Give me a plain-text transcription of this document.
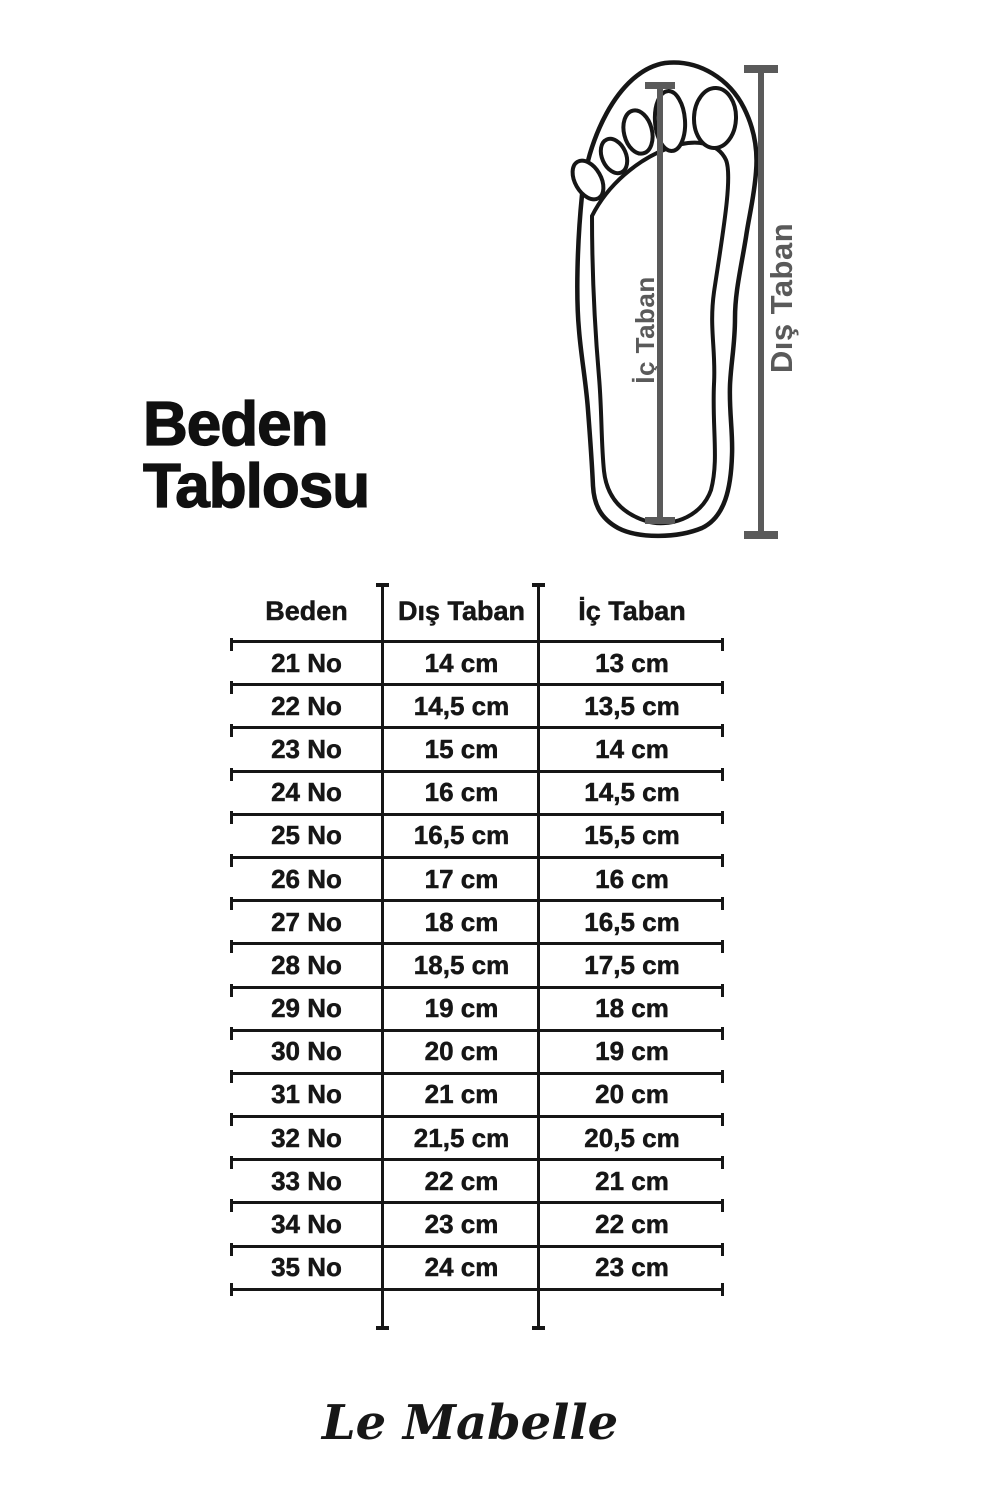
Beden
Tablosu
İç Taban	Dış Taban
Beden	Dış Taban	İç Taban
21 No	14 cm	13 cm
22 No	14,5 cm	13,5 cm
23 No	15 cm	14 cm
24 No	16 cm	14,5 cm
25 No	16,5 cm	15,5 cm
26 No	17 cm	16 cm
27 No	18 cm	16,5 cm
28 No	18,5 cm	17,5 cm
29 No	19 cm	18 cm
30 No	20 cm	19 cm
31 No	21 cm	20 cm
32 No	21,5 cm	20,5 cm
33 No	22 cm	21 cm
34 No	23 cm	22 cm
35 No	24 cm	23 cm
Le Mabelle
